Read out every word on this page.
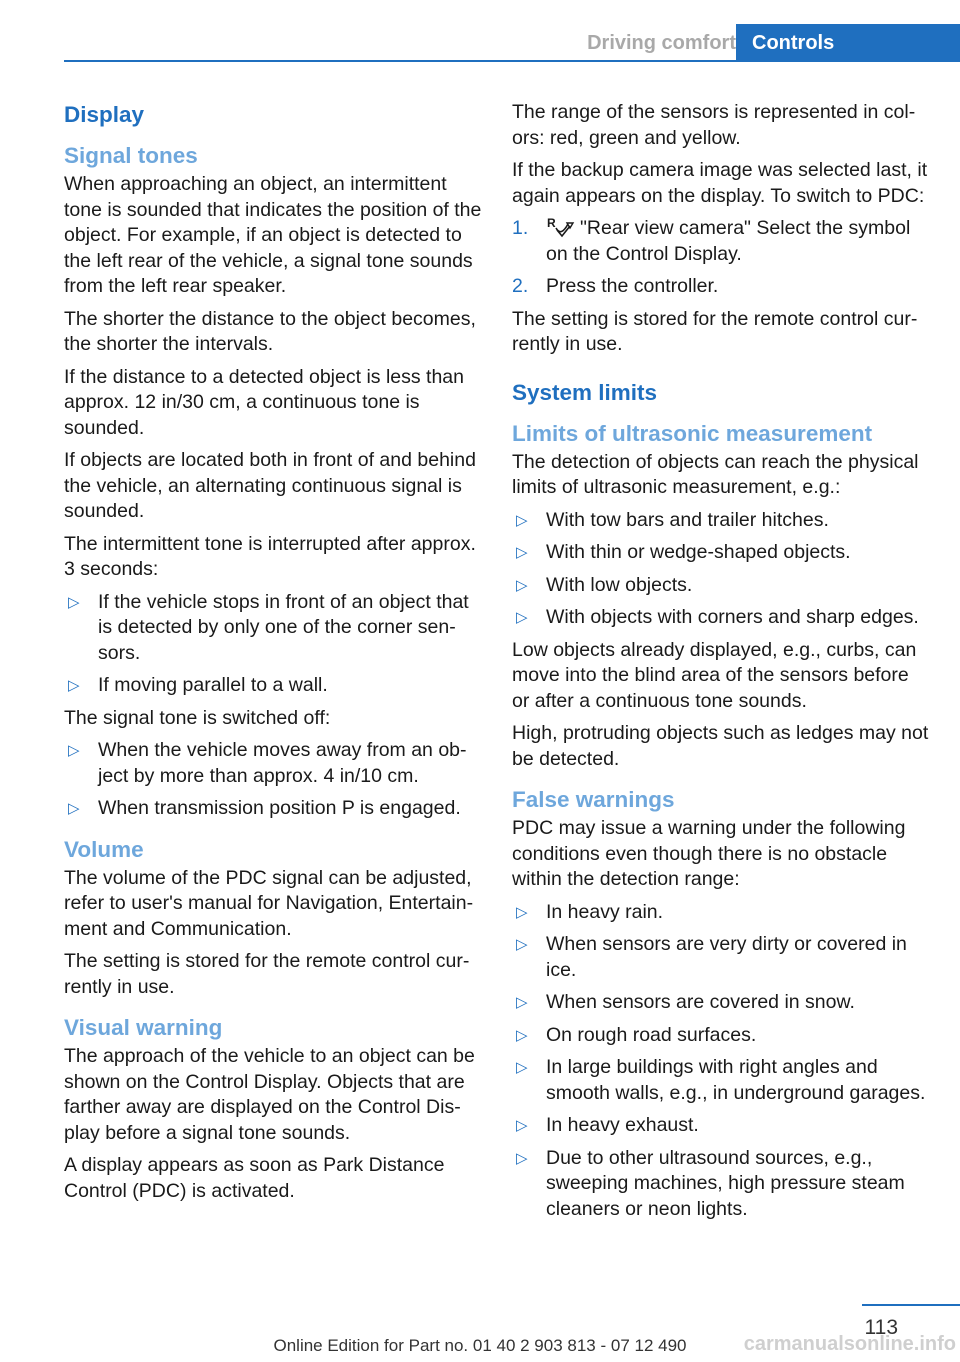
Driving comfort Controls
Display
Signal tones

When approaching an object, an intermittent tone is sounded that indicates the position of the object. For example, if an object is detected to the left rear of the vehicle, a signal tone sounds from the left rear speaker.

The shorter the distance to the object becomes, the shorter the intervals.

If the distance to a detected object is less than approx. 12 in/30 cm, a continuous tone is sounded.

If objects are located both in front of and behind the vehicle, an alternating continuous signal is sounded.

The intermittent tone is interrupted after approx. 3 seconds:

▷ If the vehicle stops in front of an object that is detected by only one of the corner sensors.
▷ If moving parallel to a wall.

The signal tone is switched off:

▷ When the vehicle moves away from an object by more than approx. 4 in/10 cm.
▷ When transmission position P is engaged.
Volume

The volume of the PDC signal can be adjusted, refer to user's manual for Navigation, Entertainment and Communication.

The setting is stored for the remote control currently in use.

Visual warning

The approach of the vehicle to an object can be shown on the Control Display. Objects that are farther away are displayed on the Control Display before a signal tone sounds.

A display appears as soon as Park Distance Control (PDC) is activated.

The range of the sensors is represented in colors: red, green and yellow.

If the backup camera image was selected last, it again appears on the display. To switch to PDC:

1. R "Rear view camera" Select the symbol on the Control Display.
2. Press the controller.

The setting is stored for the remote control currently in use.

System limits
Limits of ultrasonic measurement

The detection of objects can reach the physical limits of ultrasonic measurement, e.g.:

▷ With tow bars and trailer hitches.
▷ With thin or wedge-shaped objects.
▷ With low objects.
▷ With objects with corners and sharp edges.

Low objects already displayed, e.g., curbs, can move into the blind area of the sensors before or after a continuous tone sounds.

High, protruding objects such as ledges may not be detected.

False warnings

PDC may issue a warning under the following conditions even though there is no obstacle within the detection range:

▷ In heavy rain.
▷ When sensors are very dirty or covered in ice.
▷ When sensors are covered in snow.
▷ On rough road surfaces.
▷ In large buildings with right angles and smooth walls, e.g., in underground garages.
▷ In heavy exhaust.
▷ Due to other ultrasound sources, e.g., sweeping machines, high pressure steam cleaners or neon lights.
113
Online Edition for Part no. 01 40 2 903 813 - 07 12 490	carmanualsonline.info
